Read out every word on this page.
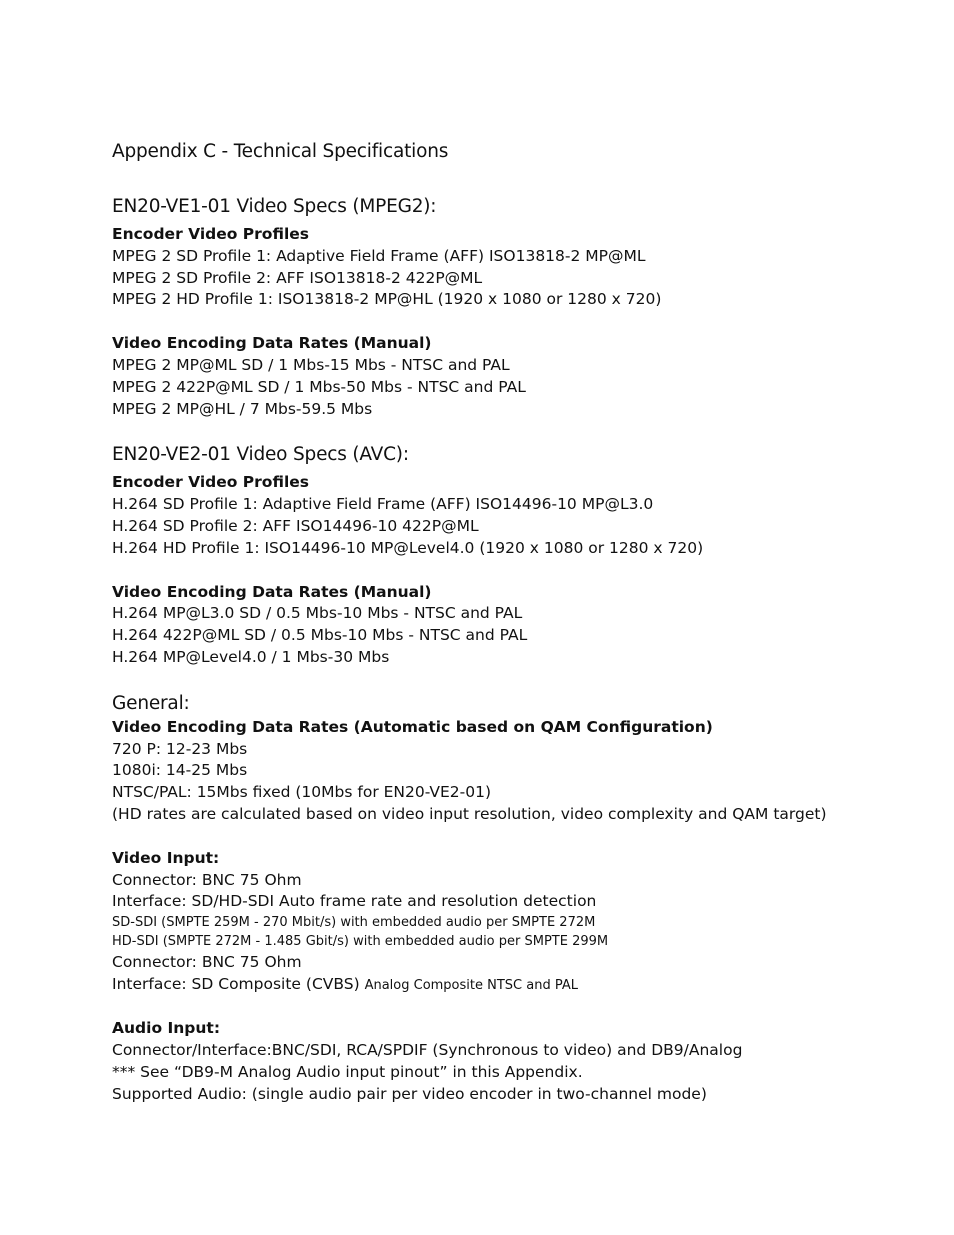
Appendix C - Technical Specifications
EN20-VE1-01 Video Specs (MPEG2):

Encoder Video Profiles

MPEG 2 SD Profile 1: Adaptive Field Frame (AFF) ISO13818-2 MP@ML

MPEG 2 SD Profile 2: AFF ISO13818-2 422P@ML

MPEG 2 HD Profile 1: ISO13818-2 MP@HL (1920 x 1080 or 1280 x 720)

Video Encoding Data Rates (Manual)

MPEG 2 MP@ML SD / 1 Mbs-15 Mbs - NTSC and PAL

MPEG 2 422P@ML SD / 1 Mbs-50 Mbs - NTSC and PAL

MPEG 2 MP@HL / 7 Mbs-59.5 Mbs

EN20-VE2-01 Video Specs (AVC):

Encoder Video Profiles

H.264 SD Profile 1: Adaptive Field Frame (AFF) ISO14496-10 MP@L3.0

H.264 SD Profile 2: AFF ISO14496-10 422P@ML

H.264 HD Profile 1: ISO14496-10 MP@Level4.0 (1920 x 1080 or 1280 x 720)

Video Encoding Data Rates (Manual)

H.264 MP@L3.0 SD / 0.5 Mbs-10 Mbs - NTSC and PAL

H.264 422P@ML SD / 0.5 Mbs-10 Mbs - NTSC and PAL

H.264 MP@Level4.0 / 1 Mbs-30 Mbs

General:

Video Encoding Data Rates (Automatic based on QAM Configuration)

720 P: 12-23 Mbs

1080i: 14-25 Mbs

NTSC/PAL: 15Mbs fixed (10Mbs for EN20-VE2-01)

(HD rates are calculated based on video input resolution, video complexity and QAM target)

Video Input:

Connector: BNC 75 Ohm

Interface: SD/HD-SDI Auto frame rate and resolution detection

SD-SDI (SMPTE 259M - 270 Mbit/s) with embedded audio per SMPTE 272M

HD-SDI (SMPTE 272M - 1.485 Gbit/s) with embedded audio per SMPTE 299M

Connector: BNC 75 Ohm

Interface: SD Composite (CVBS) Analog Composite NTSC and PAL

Audio Input:

Connector/Interface:BNC/SDI, RCA/SPDIF (Synchronous to video) and DB9/Analog

*** See “DB9-M Analog Audio input pinout” in this Appendix.

Supported Audio: (single audio pair per video encoder in two-channel mode)
